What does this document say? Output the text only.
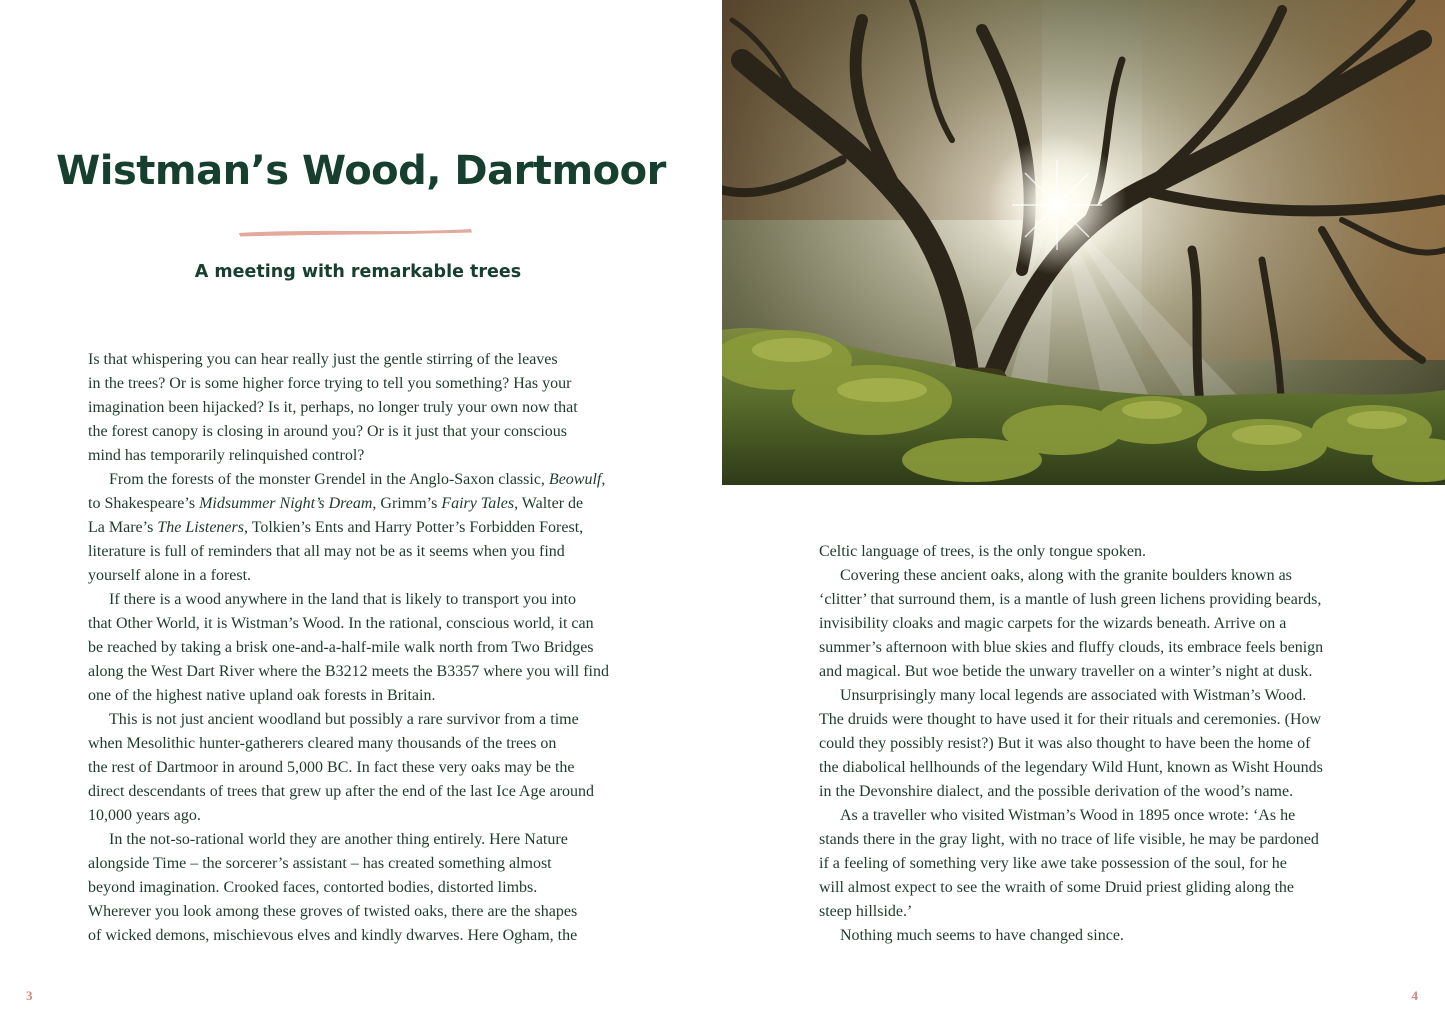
Wistman’s Wood, Dartmoor
A meeting with remarkable trees

Is that whispering you can hear really just the gentle stirring of the leaves
in the trees? Or is some higher force trying to tell you something? Has your
imagination been hijacked? Is it, perhaps, no longer truly your own now that
the forest canopy is closing in around you? Or is it just that your conscious
mind has temporarily relinquished control?

From the forests of the monster Grendel in the Anglo-Saxon classic, Beowulf,
to Shakespeare’s Midsummer Night’s Dream, Grimm’s Fairy Tales, Walter de
La Mare’s The Listeners, Tolkien’s Ents and Harry Potter’s Forbidden Forest,
literature is full of reminders that all may not be as it seems when you find
yourself alone in a forest.

If there is a wood anywhere in the land that is likely to transport you into
that Other World, it is Wistman’s Wood. In the rational, conscious world, it can
be reached by taking a brisk one-and-a-half-mile walk north from Two Bridges
along the West Dart River where the B3212 meets the B3357 where you will find
one of the highest native upland oak forests in Britain.

This is not just ancient woodland but possibly a rare survivor from a time
when Mesolithic hunter-gatherers cleared many thousands of the trees on
the rest of Dartmoor in around 5,000 BC. In fact these very oaks may be the
direct descendants of trees that grew up after the end of the last Ice Age around
10,000 years ago.

In the not-so-rational world they are another thing entirely. Here Nature
alongside Time – the sorcerer’s assistant – has created something almost
beyond imagination. Crooked faces, contorted bodies, distorted limbs.
Wherever you look among these groves of twisted oaks, there are the shapes
of wicked demons, mischievous elves and kindly dwarves. Here Ogham, the

3

Celtic language of trees, is the only tongue spoken.

Covering these ancient oaks, along with the granite boulders known as
‘clitter’ that surround them, is a mantle of lush green lichens providing beards,
invisibility cloaks and magic carpets for the wizards beneath. Arrive on a
summer’s afternoon with blue skies and fluffy clouds, its embrace feels benign
and magical. But woe betide the unwary traveller on a winter’s night at dusk.

Unsurprisingly many local legends are associated with Wistman’s Wood.
The druids were thought to have used it for their rituals and ceremonies. (How
could they possibly resist?) But it was also thought to have been the home of
the diabolical hellhounds of the legendary Wild Hunt, known as Wisht Hounds
in the Devonshire dialect, and the possible derivation of the wood’s name.

As a traveller who visited Wistman’s Wood in 1895 once wrote: ‘As he
stands there in the gray light, with no trace of life visible, he may be pardoned
if a feeling of something very like awe take possession of the soul, for he
will almost expect to see the wraith of some Druid priest gliding along the
steep hillside.’

Nothing much seems to have changed since.

4
